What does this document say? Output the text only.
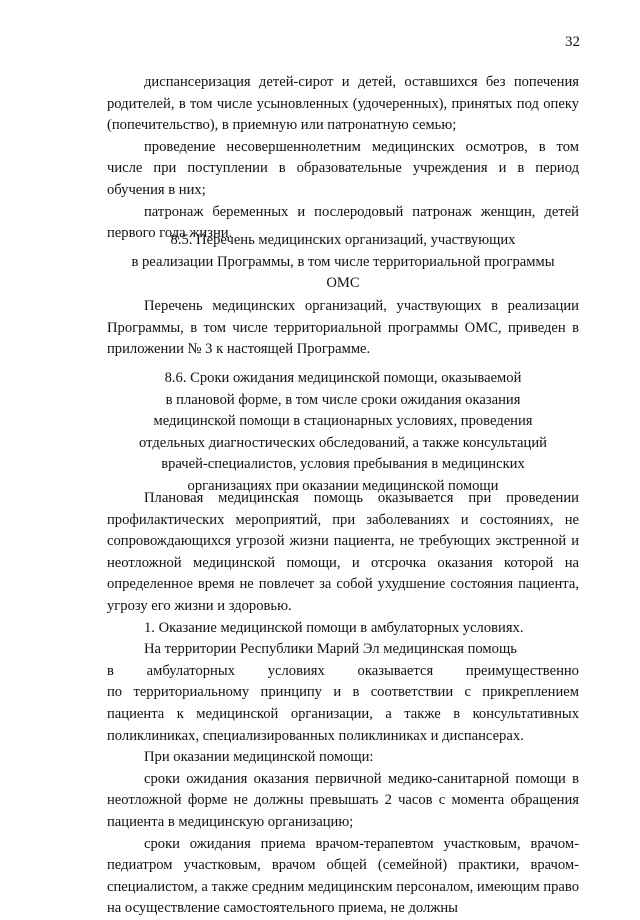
32

диспансеризация детей-сирот и детей, оставшихся без попечения родителей, в том числе усыновленных (удочеренных), принятых под опеку (попечительство), в приемную или патронатную семью;

проведение несовершеннолетним медицинских осмотров, в том числе при поступлении в образовательные учреждения и в период обучения в них;

патронаж беременных и послеродовый патронаж женщин, детей первого года жизни.

8.5. Перечень медицинских организаций, участвующих

в реализации Программы, в том числе территориальной программы

ОМС

Перечень медицинских организаций, участвующих в реализации Программы, в том числе территориальной программы ОМС, приведен в приложении № 3 к настоящей Программе.

8.6. Сроки ожидания медицинской помощи, оказываемой

в плановой форме, в том числе сроки ожидания оказания

медицинской помощи в стационарных условиях, проведения

отдельных диагностических обследований, а также консультаций

врачей-специалистов, условия пребывания в медицинских

организациях при оказании медицинской помощи

Плановая медицинская помощь оказывается при проведении профилактических мероприятий, при заболеваниях и состояниях, не сопровождающихся угрозой жизни пациента, не требующих экстренной и неотложной медицинской помощи, и отсрочка оказания которой на определенное время не повлечет за собой ухудшение состояния пациента, угрозу его жизни и здоровью.

1. Оказание медицинской помощи в амбулаторных условиях.

На территории Республики Марий Эл медицинская помощь

в амбулаторных условиях оказывается преимущественно

по территориальному принципу и в соответствии с прикреплением пациента к медицинской организации, а также в консультативных поликлиниках, специализированных поликлиниках и диспансерах.

При оказании медицинской помощи:

сроки ожидания оказания первичной медико-санитарной помощи в неотложной форме не должны превышать 2 часов с момента обращения пациента в медицинскую организацию;

сроки ожидания приема врачом-терапевтом участковым, врачом-педиатром участковым, врачом общей (семейной) практики, врачом-специалистом, а также средним медицинским персоналом, имеющим право на осуществление самостоятельного приема, не должны
